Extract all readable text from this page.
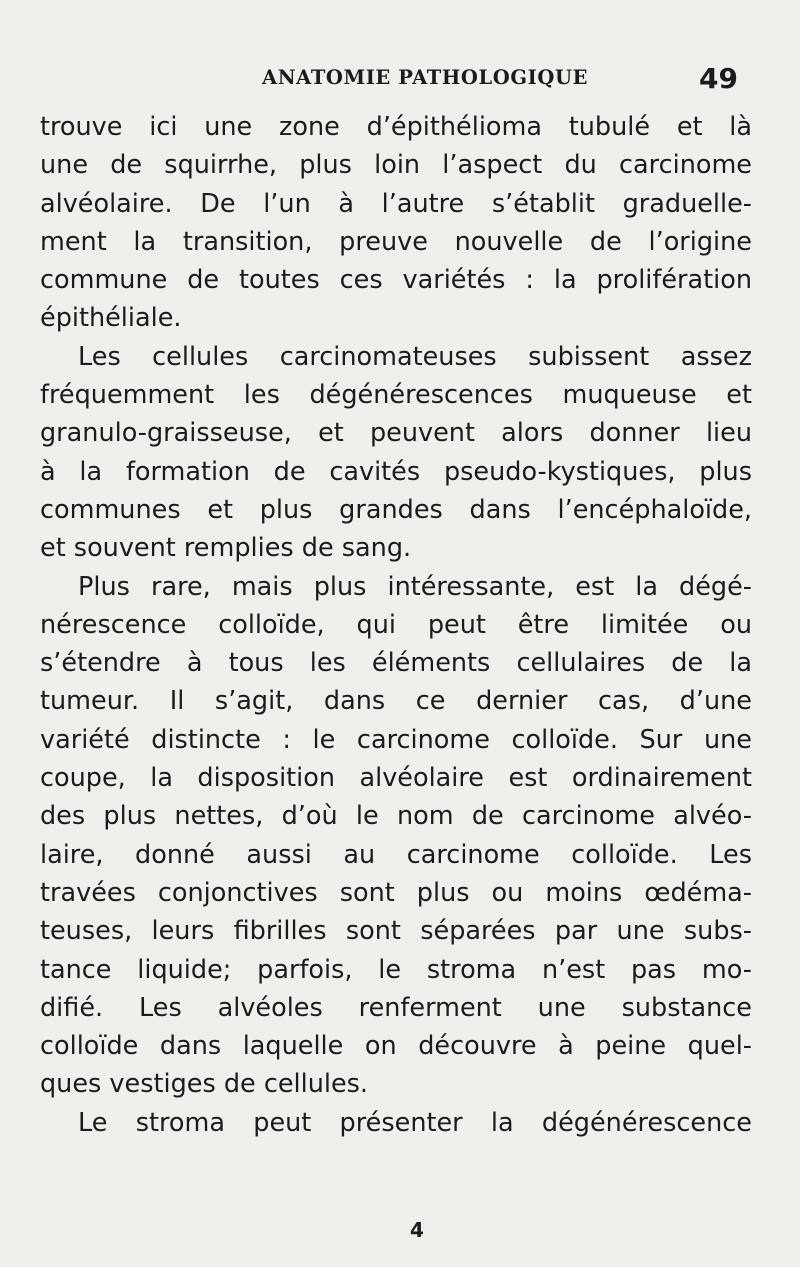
ANATOMIE PATHOLOGIQUE	49
trouve ici une zone d’épithélioma tubulé et là
une de squirrhe, plus loin l’aspect du carcinome
alvéolaire. De l’un à l’autre s’établit graduelle-
ment la transition, preuve nouvelle de l’origine
commune de toutes ces variétés : la prolifération
épithéliale.
Les cellules carcinomateuses subissent assez
fréquemment les dégénérescences muqueuse et
granulo-graisseuse, et peuvent alors donner lieu
à la formation de cavités pseudo-kystiques, plus
communes et plus grandes dans l’encéphaloïde,
et souvent remplies de sang.
Plus rare, mais plus intéressante, est la dégé-
nérescence colloïde, qui peut être limitée ou
s’étendre à tous les éléments cellulaires de la
tumeur. Il s’agit, dans ce dernier cas, d’une
variété distincte : le carcinome colloïde. Sur une
coupe, la disposition alvéolaire est ordinairement
des plus nettes, d’où le nom de carcinome alvéo-
laire, donné aussi au carcinome colloïde. Les
travées conjonctives sont plus ou moins œdéma-
teuses, leurs fibrilles sont séparées par une subs-
tance liquide; parfois, le stroma n’est pas mo-
difié. Les alvéoles renferment une substance
colloïde dans laquelle on découvre à peine quel-
ques vestiges de cellules.
Le stroma peut présenter la dégénérescence
4
